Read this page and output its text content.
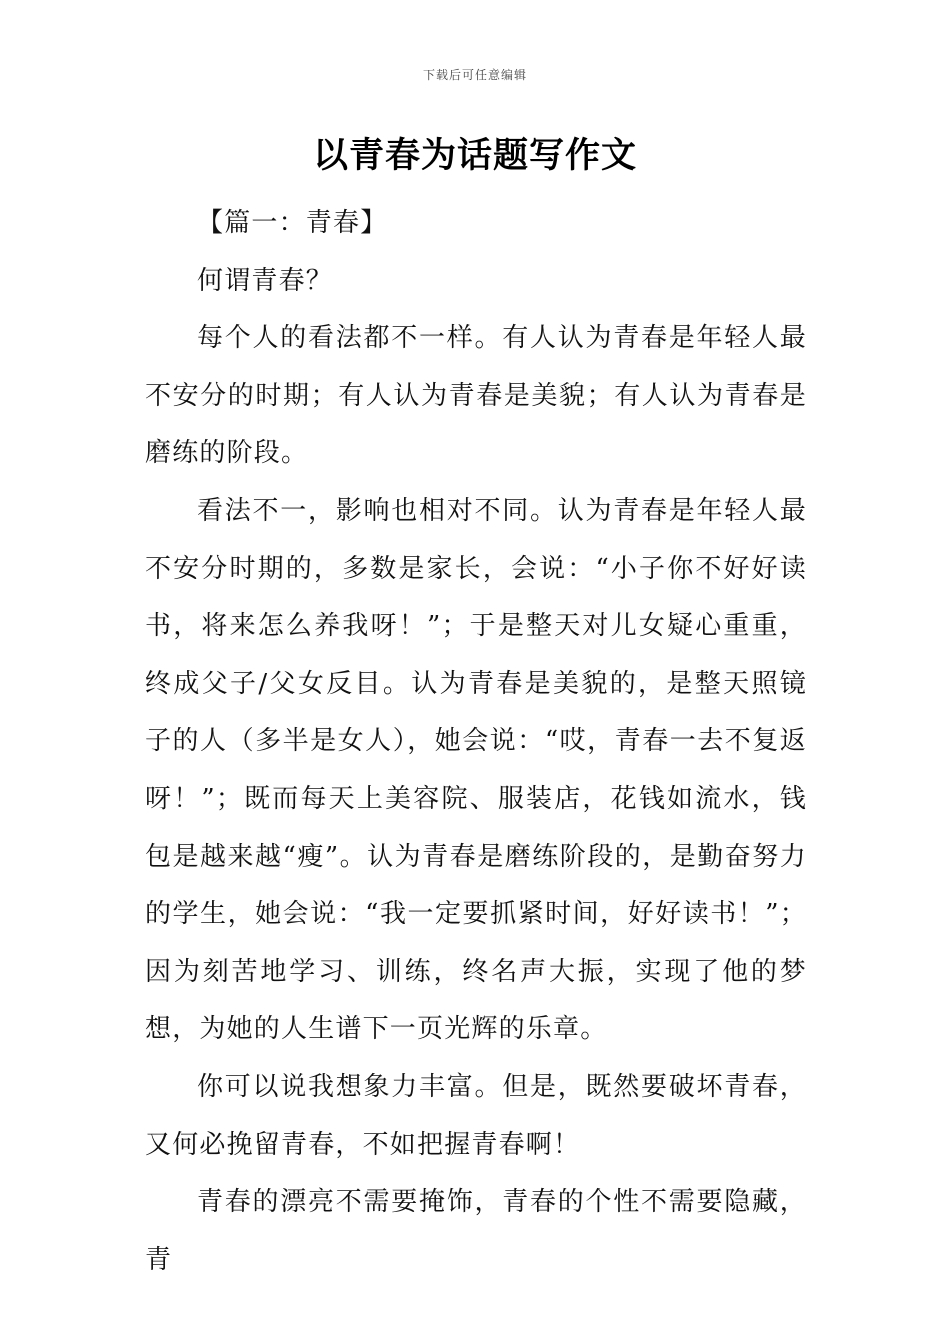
下载后可任意编辑
以青春为话题写作文

【篇一：青春】

何谓青春？

每个人的看法都不一样。有人认为青春是年轻人最不安分的时期；有人认为青春是美貌；有人认为青春是磨练的阶段。

看法不一，影响也相对不同。认为青春是年轻人最不安分时期的，多数是家长，会说：“小子你不好好读书，将来怎么养我呀！”；于是整天对儿女疑心重重，终成父子/父女反目。认为青春是美貌的，是整天照镜子的人（多半是女人），她会说：“哎，青春一去不复返呀！”；既而每天上美容院、服装店，花钱如流水，钱包是越来越“瘦”。认为青春是磨练阶段的，是勤奋努力的学生，她会说：“我一定要抓紧时间，好好读书！”；因为刻苦地学习、训练，终名声大振，实现了他的梦想，为她的人生谱下一页光辉的乐章。

你可以说我想象力丰富。但是，既然要破坏青春，又何必挽留青春，不如把握青春啊！

青春的漂亮不需要掩饰，青春的个性不需要隐藏，青
